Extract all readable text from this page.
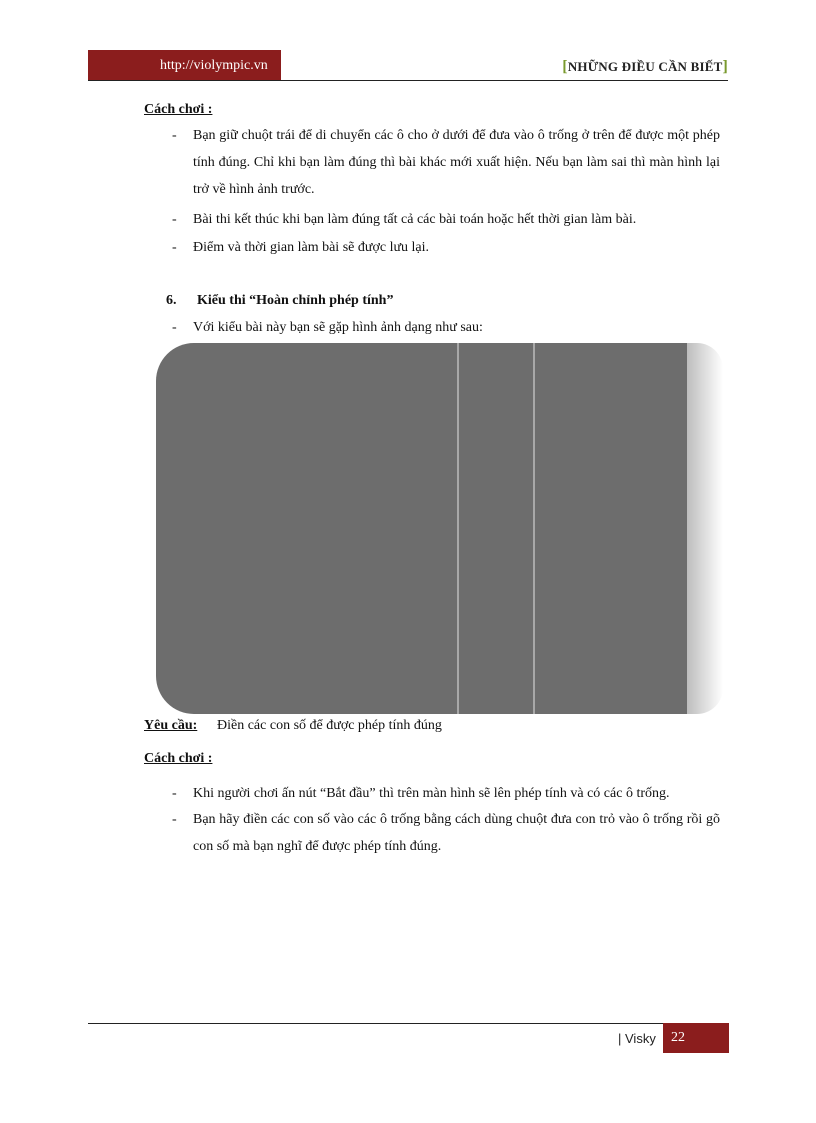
http://violympic.vn	[NHỮNG ĐIỀU CẦN BIẾT]
Cách chơi :
- Bạn giữ chuột trái để di chuyển các ô cho ở dưới để đưa vào ô trống ở trên để được một phép tính đúng. Chỉ khi bạn làm đúng thì bài khác mới xuất hiện. Nếu bạn làm sai thì màn hình lại trở về hình ảnh trước.
- Bài thi kết thúc khi bạn làm đúng tất cả các bài toán hoặc hết thời gian làm bài.
- Điểm và thời gian làm bài sẽ được lưu lại.
6. Kiểu thi “Hoàn chỉnh phép tính”
- Với kiểu bài này bạn sẽ gặp hình ảnh dạng như sau:
Yêu cầu: Điền các con số để được phép tính đúng
Cách chơi :
- Khi người chơi ấn nút “Bắt đầu” thì trên màn hình sẽ lên phép tính và có các ô trống.
- Bạn hãy điền các con số vào các ô trống bằng cách dùng chuột đưa con trỏ vào ô trống rồi gõ con số mà bạn nghĩ để được phép tính đúng.
| Visky 22
